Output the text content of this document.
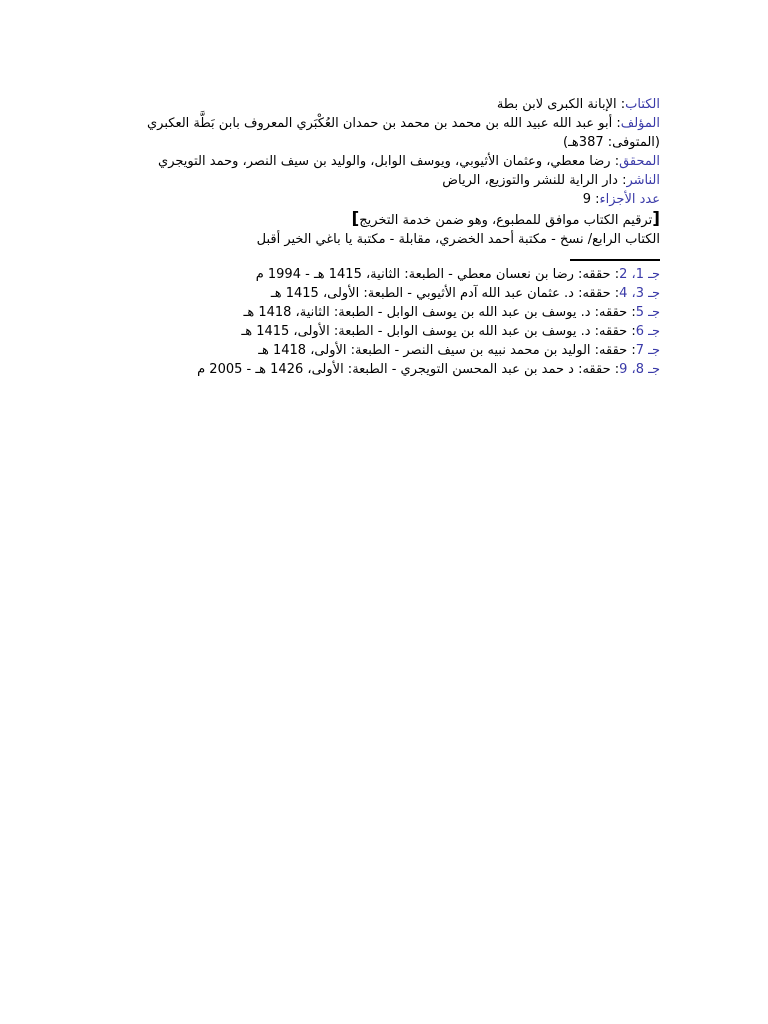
الكتاب: الإبانة الكبرى لابن بطة
المؤلف: أبو عبد الله عبيد الله بن محمد بن محمد بن حمدان العُكْبَري المعروف بابن بَطَّة العكبري (المتوفى: 387هـ)
المحقق: رضا معطي، وعثمان الأثيوبي، ويوسف الوابل، والوليد بن سيف النصر، وحمد التويجري
الناشر: دار الراية للنشر والتوزيع، الرياض
عدد الأجزاء: 9
[ترقيم الكتاب موافق للمطبوع، وهو ضمن خدمة التخريج]
الكتاب الرابع/ نسخ - مكتبة أحمد الخضري، مقابلة - مكتبة يا باغي الخير أقبل
جـ 1، 2: حققه: رضا بن نعسان معطي - الطبعة: الثانية، 1415 هـ - 1994 م
جـ 3، 4: حققه: د. عثمان عبد الله آدم الأثيوبي - الطبعة: الأولى، 1415 هـ
جـ 5: حققه: د. يوسف بن عبد الله بن يوسف الوابل - الطبعة: الثانية، 1418 هـ
جـ 6: حققه: د. يوسف بن عبد الله بن يوسف الوابل - الطبعة: الأولى، 1415 هـ
جـ 7: حققه: الوليد بن محمد نبيه بن سيف النصر - الطبعة: الأولى، 1418 هـ
جـ 8، 9: حققه: د حمد بن عبد المحسن التويجري - الطبعة: الأولى، 1426 هـ - 2005 م
